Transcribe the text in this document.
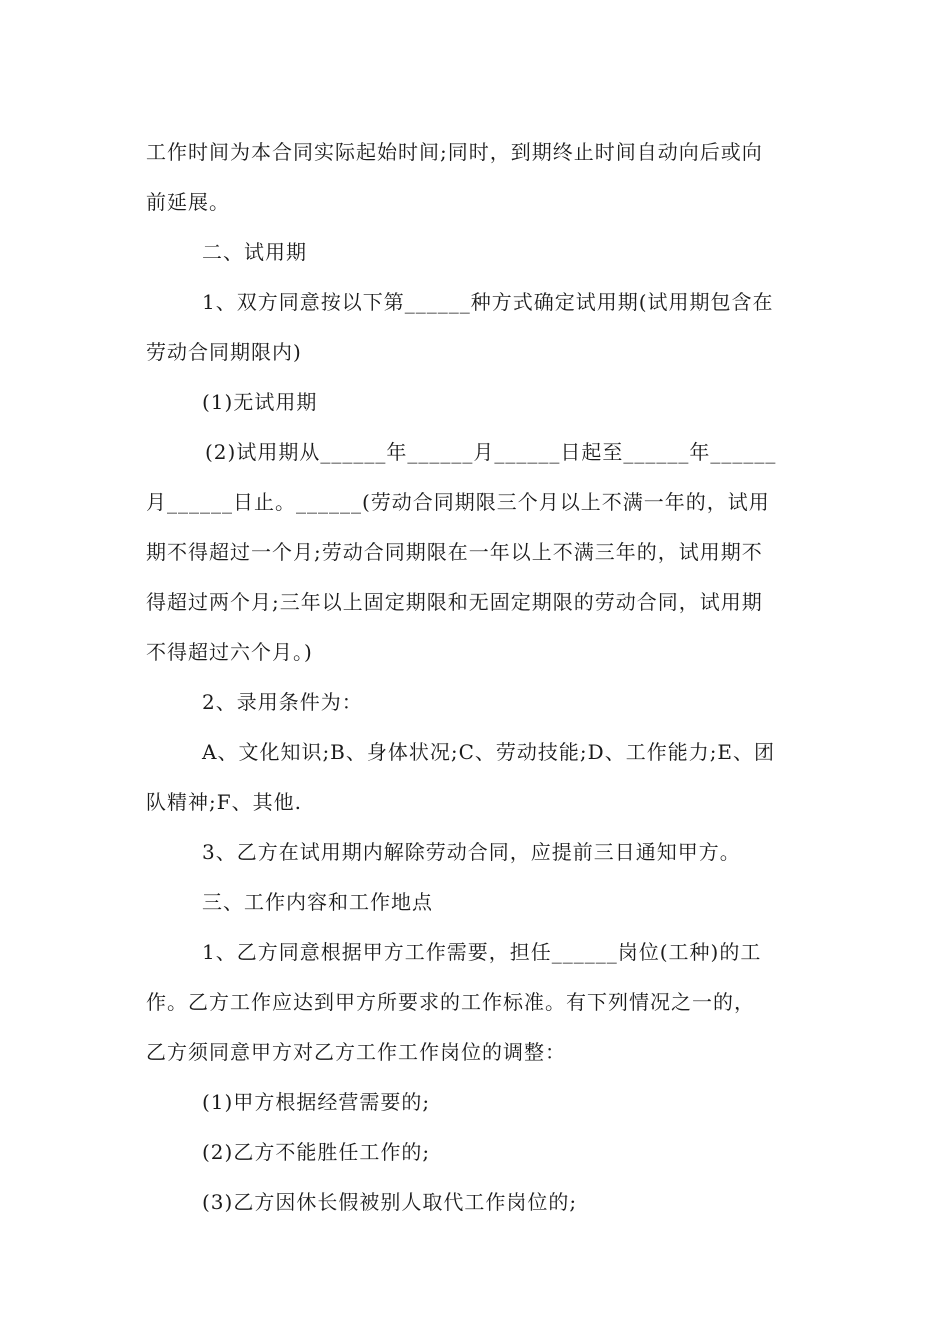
工作时间为本合同实际起始时间;同时，到期终止时间自动向后或向
前延展。
二、试用期
1、双方同意按以下第______种方式确定试用期(试用期包含在
劳动合同期限内)
(1)无试用期
(2)试用期从______年______月______日起至______年______
月______日止。______(劳动合同期限三个月以上不满一年的，试用
期不得超过一个月;劳动合同期限在一年以上不满三年的，试用期不
得超过两个月;三年以上固定期限和无固定期限的劳动合同，试用期
不得超过六个月。)
2、录用条件为：
A、文化知识;B、身体状况;C、劳动技能;D、工作能力;E、团
队精神;F、其他.
3、乙方在试用期内解除劳动合同，应提前三日通知甲方。
三、工作内容和工作地点
1、乙方同意根据甲方工作需要，担任______岗位(工种)的工
作。乙方工作应达到甲方所要求的工作标准。有下列情况之一的，
乙方须同意甲方对乙方工作工作岗位的调整：
(1)甲方根据经营需要的;
(2)乙方不能胜任工作的;
(3)乙方因休长假被别人取代工作岗位的;
